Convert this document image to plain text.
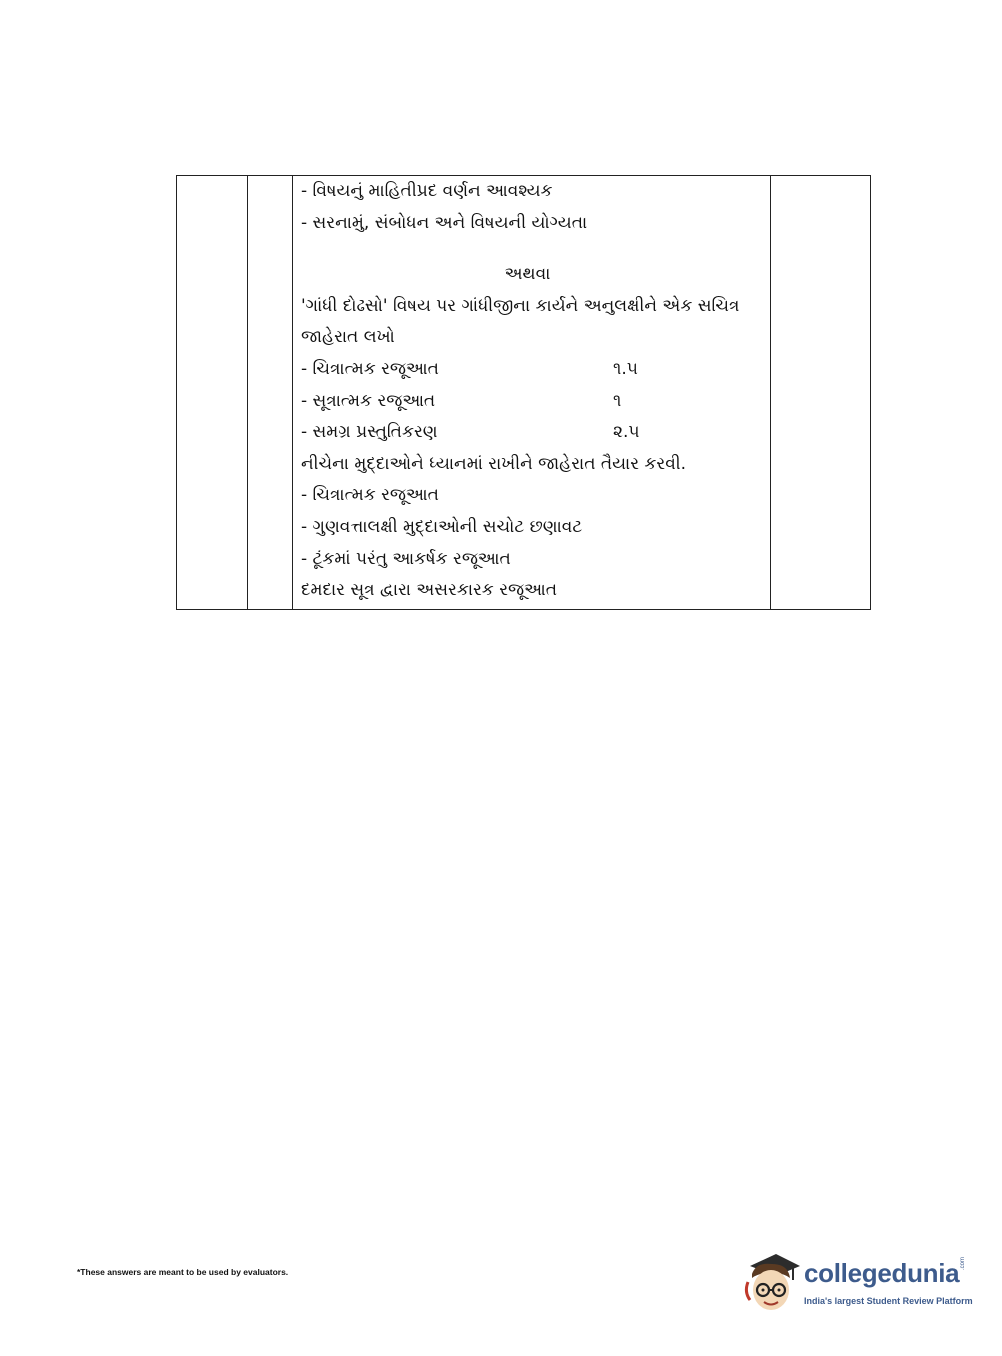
- વિષયનું માહિતીપ્રદ વર્ણન આવશ્યક
- સરનામું, સંબોધન અને વિષયની યોગ્યતા
અથવા
'ગાંધી દોઢસો' વિષય પર ગાંધીજીના કાર્યને અનુલક્ષીને એક સચિત્ર
જાહેરાત લખો
- ચિત્રાત્મક રજૂઆત	૧.૫
- સૂત્રાત્મક રજૂઆત	૧
- સમગ્ર પ્રસ્તુતિકરણ	૨.૫
નીચેના મુદ્દાઓને ધ્યાનમાં રાખીને જાહેરાત તૈયાર કરવી.
- ચિત્રાત્મક રજૂઆત
- ગુણવત્તાલક્ષી મુદ્દાઓની સચોટ છણાવટ
- ટૂંકમાં પરંતુ આકર્ષક રજૂઆત
દમદાર સૂત્ર દ્વારા અસરકારક રજૂઆત
*These answers are meant to be used by evaluators.	collegedunia .com
India's largest Student Review Platform
